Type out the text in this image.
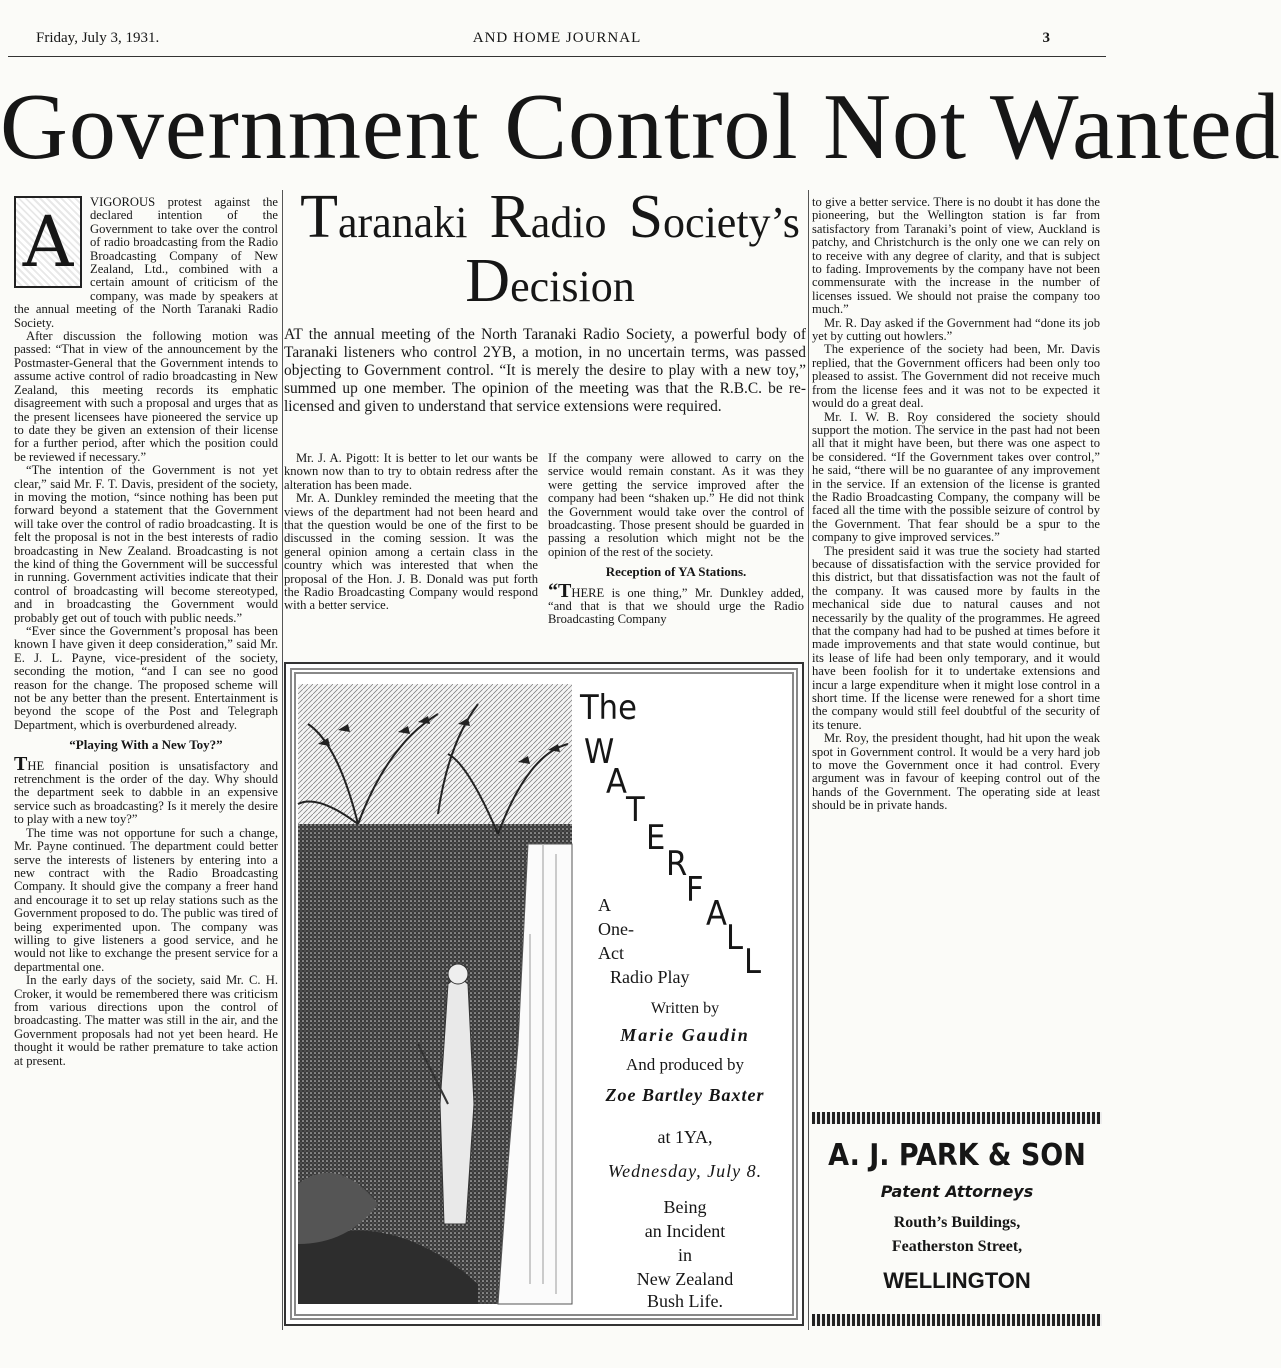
Friday, July 3, 1931.	AND HOME JOURNAL	3
Government Control Not Wanted
A	VIGOROUS protest against the declared intention of the Government to take over the control of radio broadcasting from the Radio Broadcasting Company of New Zealand, Ltd., combined with a certain amount of criticism of the company, was made by speakers at the annual meeting of the North Taranaki Radio Society.

After discussion the following motion was passed: “That in view of the announcement by the Postmaster-General that the Government intends to assume active control of radio broadcasting in New Zealand, this meeting records its emphatic disagreement with such a proposal and urges that as the present licensees have pioneered the service up to date they be given an extension of their license for a further period, after which the position could be reviewed if necessary.”

“The intention of the Government is not yet clear,” said Mr. F. T. Davis, president of the society, in moving the motion, “since nothing has been put forward beyond a statement that the Government will take over the control of radio broadcasting. It is felt the proposal is not in the best interests of radio broadcasting in New Zealand. Broadcasting is not the kind of thing the Government will be successful in running. Government activities indicate that their control of broadcasting will become stereotyped, and in broadcasting the Government would probably get out of touch with public needs.”

“Ever since the Government’s proposal has been known I have given it deep consideration,” said Mr. E. J. L. Payne, vice-president of the society, seconding the motion, “and I can see no good reason for the change. The proposed scheme will not be any better than the present. Entertainment is beyond the scope of the Post and Telegraph Department, which is overburdened already.

“Playing With a New Toy?”

THE financial position is unsatisfactory and retrenchment is the order of the day. Why should the department seek to dabble in an expensive service such as broadcasting? Is it merely the desire to play with a new toy?”

The time was not opportune for such a change, Mr. Payne continued. The department could better serve the interests of listeners by entering into a new contract with the Radio Broadcasting Company. It should give the company a freer hand and encourage it to set up relay stations such as the Government proposed to do. The public was tired of being experimented upon. The company was willing to give listeners a good service, and he would not like to exchange the present service for a departmental one.

In the early days of the society, said Mr. C. H. Croker, it would be remembered there was criticism from various directions upon the control of broadcasting. The matter was still in the air, and the Government proposals had not yet been heard. He thought it would be rather premature to take action at present.

Taranaki Radio Society’s
Decision
AT the annual meeting of the North Taranaki Radio Society, a powerful body of Taranaki listeners who control 2YB, a motion, in no uncertain terms, was passed objecting to Government control. “It is merely the desire to play with a new toy,” summed up one member. The opinion of the meeting was that the R.B.C. be re-licensed and given to understand that service extensions were required.

Mr. J. A. Pigott: It is better to let our wants be known now than to try to obtain redress after the alteration has been made.

Mr. A. Dunkley reminded the meeting that the views of the department had not been heard and that the question would be one of the first to be discussed in the coming session. It was the general opinion among a certain class in the country which was interested that when the proposal of the Hon. J. B. Donald was put forth the Radio Broadcasting Company would respond with a better service.

If the company were allowed to carry on the service would remain constant. As it was they were getting the service improved after the company had been “shaken up.” He did not think the Government would take over the control of broadcasting. Those present should be guarded in passing a resolution which might not be the opinion of the rest of the society.

Reception of YA Stations.

“THERE is one thing,” Mr. Dunkley added, “and that is that we should urge the Radio Broadcasting Company

The
W
A
T
E
R
F
A
L
L
A
One-
Act
Radio Play
Written by
Marie Gaudin
And produced by
Zoe Bartley Baxter
at 1YA,
Wednesday, July 8.
Being
an Incident
in
New Zealand
Bush Life.

to give a better service. There is no doubt it has done the pioneering, but the Wellington station is far from satisfactory from Taranaki’s point of view, Auckland is patchy, and Christchurch is the only one we can rely on to receive with any degree of clarity, and that is subject to fading. Improvements by the company have not been commensurate with the increase in the number of licenses issued. We should not praise the company too much.”

Mr. R. Day asked if the Government had “done its job yet by cutting out howlers.”

The experience of the society had been, Mr. Davis replied, that the Government officers had been only too pleased to assist. The Government did not receive much from the license fees and it was not to be expected it would do a great deal.

Mr. I. W. B. Roy considered the society should support the motion. The service in the past had not been all that it might have been, but there was one aspect to be considered. “If the Government takes over control,” he said, “there will be no guarantee of any improvement in the service. If an extension of the license is granted the Radio Broadcasting Company, the company will be faced all the time with the possible seizure of control by the Government. That fear should be a spur to the company to give improved services.”

The president said it was true the society had started because of dissatisfaction with the service provided for this district, but that dissatisfaction was not the fault of the company. It was caused more by faults in the mechanical side due to natural causes and not necessarily by the quality of the programmes. He agreed that the company had had to be pushed at times before it made improvements and that state would continue, but its lease of life had been only temporary, and it would have been foolish for it to undertake extensions and incur a large expenditure when it might lose control in a short time. If the license were renewed for a short time the company would still feel doubtful of the security of its tenure.

Mr. Roy, the president thought, had hit upon the weak spot in Government control. It would be a very hard job to move the Government once it had control. Every argument was in favour of keeping control out of the hands of the Government. The operating side at least should be in private hands.

A. J. PARK & SON
Patent Attorneys
Routh’s Buildings,
Featherston Street,
WELLINGTON
